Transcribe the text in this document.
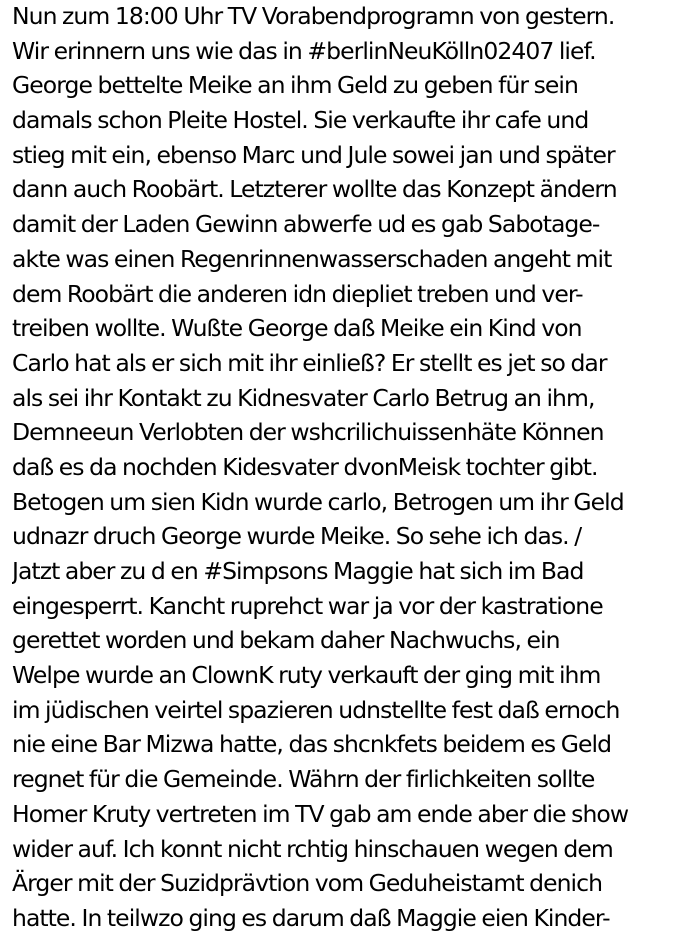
Nun zum 18:00 Uhr TV Vorabendprogramn von gestern.
Wir erinnern uns wie das in #berlinNeuKölln02407 lief.
George bettelte Meike an ihm Geld zu geben für sein
damals schon Pleite Hostel. Sie verkaufte ihr cafe und
stieg mit ein, ebenso Marc und Jule sowei jan und später
dann auch Roobärt. Letzterer wollte das Konzept ändern
damit der Laden Gewinn abwerfe ud es gab Sabotage-
akte was einen Regenrinnenwasserschaden angeht mit
dem Roobärt die anderen idn diepliet treben und ver-
treiben wollte. Wußte George daß Meike ein Kind von
Carlo hat als er sich mit ihr einließ? Er stellt es jet so dar
als sei ihr Kontakt zu Kidnesvater Carlo Betrug an ihm,
Demneeun Verlobten der wshcrilichuissenhäte Können
daß es da nochden Kidesvater dvonMeisk tochter gibt.
Betogen um sien Kidn wurde carlo, Betrogen um ihr Geld
udnazr druch George wurde Meike. So sehe ich das. /
Jatzt aber zu d en #Simpsons Maggie hat sich im Bad
eingesperrt. Kancht ruprehct war ja vor der kastratione
gerettet worden und bekam daher Nachwuchs, ein
Welpe wurde an ClownK ruty verkauft der ging mit ihm
im jüdischen veirtel spazieren udnstellte fest daß ernoch
nie eine Bar Mizwa hatte, das shcnkfets beidem es Geld
regnet für die Gemeinde. Währn der firlichkeiten sollte
Homer Kruty vertreten im TV gab am ende aber die show
wider auf. Ich konnt nicht rchtig hinschauen wegen dem
Ärger mit der Suzidprävtion vom Geduheistamt denich
hatte. In teilwzo ging es darum daß Maggie eien Kinder-
